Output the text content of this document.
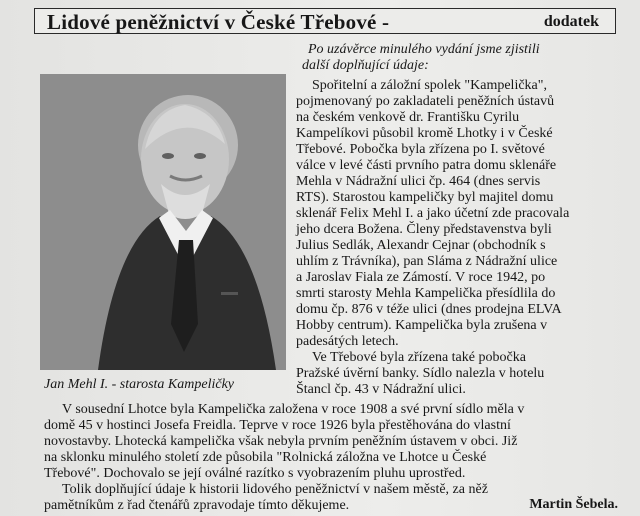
Lidové peněžnictví v České Třebové -	dodatek
Jan Mehl I. - starosta Kampeličky
Po uzávěrce minulého vydání jsme zjistili
další doplňující údaje:
Spořitelní a záložní spolek "Kampelička",
pojmenovaný po zakladateli peněžních ústavů
na českém venkově dr. Františku Cyrilu
Kampelíkovi působil kromě Lhotky i v České
Třebové. Pobočka byla zřízena po I. světové
válce v levé části prvního patra domu sklenáře
Mehla v Nádražní ulici čp. 464 (dnes servis
RTS). Starostou kampeličky byl majitel domu
sklenář Felix Mehl I. a jako účetní zde pracovala
jeho dcera Božena. Členy představenstva byli
Julius Sedlák, Alexandr Cejnar (obchodník s
uhlím z Trávníka), pan Sláma z Nádražní ulice
a Jaroslav Fiala ze Zámostí. V roce 1942, po
smrti starosty Mehla Kampelička přesídlila do
domu čp. 876 v téže ulici (dnes prodejna ELVA
Hobby centrum). Kampelička byla zrušena v
padesátých letech.
Ve Třebové byla zřízena také pobočka
Pražské úvěrní banky. Sídlo nalezla v hotelu
Štancl čp. 43 v Nádražní ulici.
V sousední Lhotce byla Kampelička založena v roce 1908 a své první sídlo měla v
domě 45 v hostinci Josefa Freidla. Teprve v roce 1926 byla přestěhována do vlastní
novostavby. Lhotecká kampelička však nebyla prvním peněžním ústavem v obci. Již
na sklonku minulého století zde působila "Rolnická záložna ve Lhotce u České
Třebové". Dochovalo se její oválné razítko s vyobrazením pluhu uprostřed.
Tolik doplňující údaje k historii lidového peněžnictví v našem městě, za něž
pamětníkům z řad čtenářů zpravodaje tímto děkujeme.	Martin Šebela.
